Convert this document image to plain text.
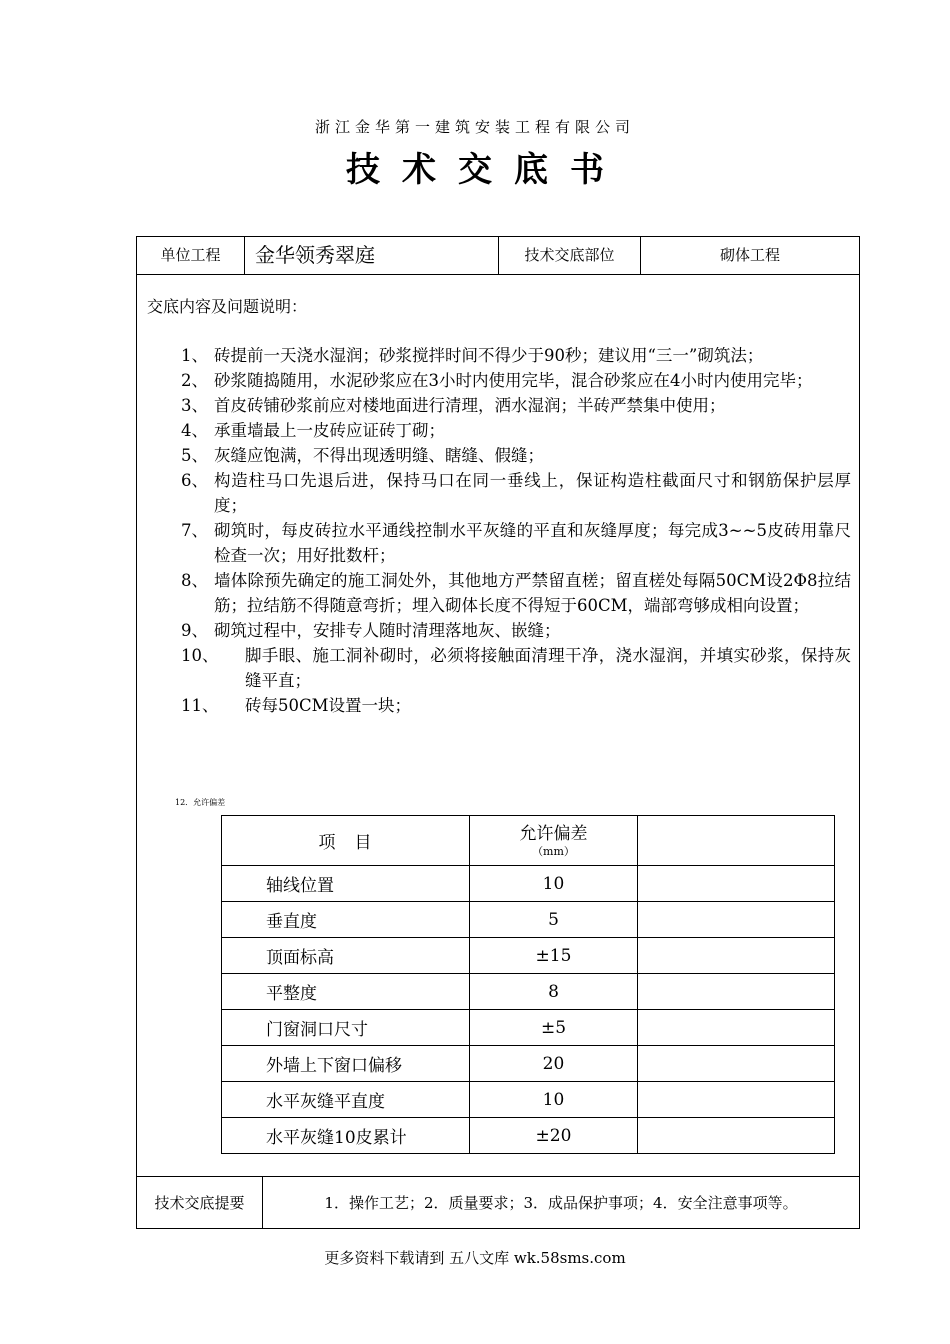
浙江金华第一建筑安装工程有限公司
技术交底书
单位工程	金华领秀翠庭	技术交底部位	砌体工程
交底内容及问题说明：
1、 砖提前一天浇水湿润；砂浆搅拌时间不得少于90秒；建议用“三一”砌筑法；
2、 砂浆随捣随用，水泥砂浆应在3小时内使用完毕，混合砂浆应在4小时内使用完毕；
3、 首皮砖铺砂浆前应对楼地面进行清理，洒水湿润；半砖严禁集中使用；
4、 承重墙最上一皮砖应证砖丁砌；
5、 灰缝应饱满，不得出现透明缝、瞎缝、假缝；
6、 构造柱马口先退后进，保持马口在同一垂线上，保证构造柱截面尺寸和钢筋保护层厚度；
7、 砌筑时，每皮砖拉水平通线控制水平灰缝的平直和灰缝厚度；每完成3~~5皮砖用靠尺检查一次；用好批数杆；
8、 墙体除预先确定的施工洞处外，其他地方严禁留直槎；留直槎处每隔50CM设2Φ8拉结筋；拉结筋不得随意弯折；埋入砌体长度不得短于60CM，端部弯够成相向设置；
9、 砌筑过程中，安排专人随时清理落地灰、嵌缝；
10、	脚手眼、施工洞补砌时，必须将接触面清理干净，浇水湿润，并填实砂浆，保持灰缝平直；
11、	砖每50CM设置一块；
12．允许偏差
项　目	允许偏差
（mm）	

轴线位置	10	
垂直度	5	
顶面标高	±15	
平整度	8	
门窗洞口尺寸	±5	
外墙上下窗口偏移	20	
水平灰缝平直度	10	
水平灰缝10皮累计	±20	
技术交底提要	1．操作工艺；2．质量要求；3．成品保护事项；4．安全注意事项等。
更多资料下载请到 五八文库 wk.58sms.com
